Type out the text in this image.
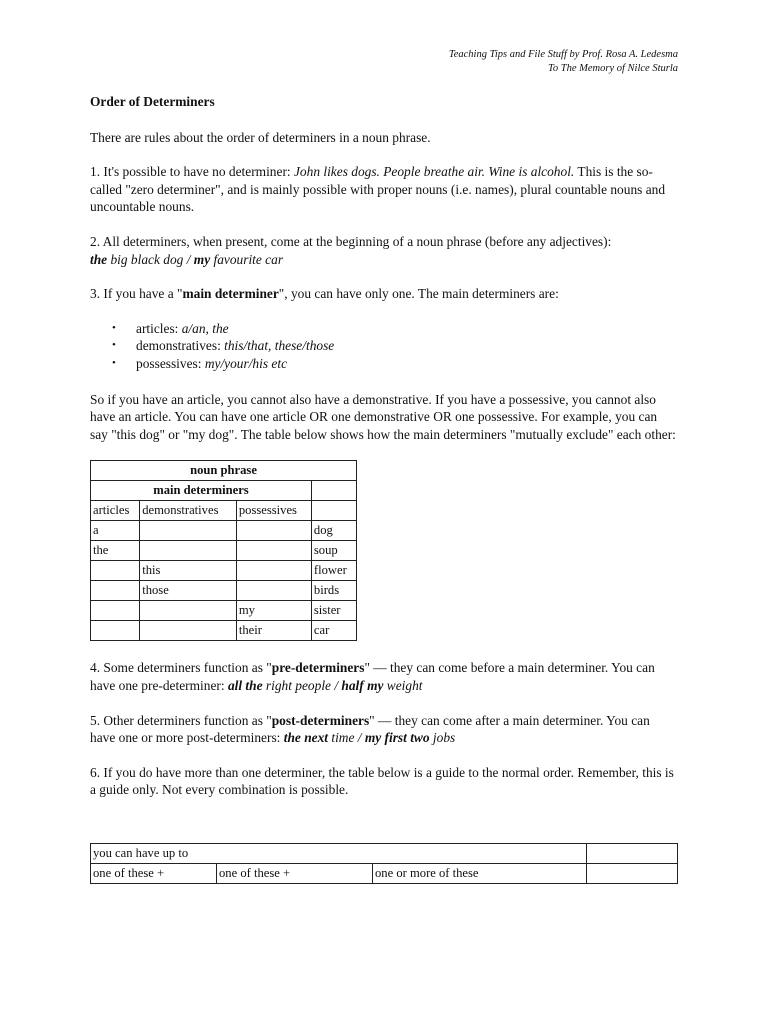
Teaching Tips and File Stuff by Prof. Rosa A. Ledesma
To The Memory of Nilce Sturla
Order of Determiners

There are rules about the order of determiners in a noun phrase.

1. It's possible to have no determiner: John likes dogs. People breathe air. Wine is alcohol. This is the so-called "zero determiner", and is mainly possible with proper nouns (i.e. names), plural countable nouns and uncountable nouns.

2. All determiners, when present, come at the beginning of a noun phrase (before any adjectives):
the big black dog / my favourite car

3. If you have a "main determiner", you can have only one. The main determiners are:

• articles: a/an, the
• demonstratives: this/that, these/those
• possessives: my/your/his etc

So if you have an article, you cannot also have a demonstrative. If you have a possessive, you cannot also have an article. You can have one article OR one demonstrative OR one possessive. For example, you can say "this dog" or "my dog". The table below shows how the main determiners "mutually exclude" each other:

noun phrase			
main determiners			
articles	demonstratives	possessives	
a			dog
the			soup
	this		flower
	those		birds
		my	sister
		their	car

4. Some determiners function as "pre-determiners" — they can come before a main determiner. You can have one pre-determiner: all the right people / half my weight

5. Other determiners function as "post-determiners" — they can come after a main determiner. You can have one or more post-determiners: the next time / my first two jobs

6. If you do have more than one determiner, the table below is a guide to the normal order. Remember, this is a guide only. Not every combination is possible.

you can have up to			
one of these +	one of these +	one or more of these	
